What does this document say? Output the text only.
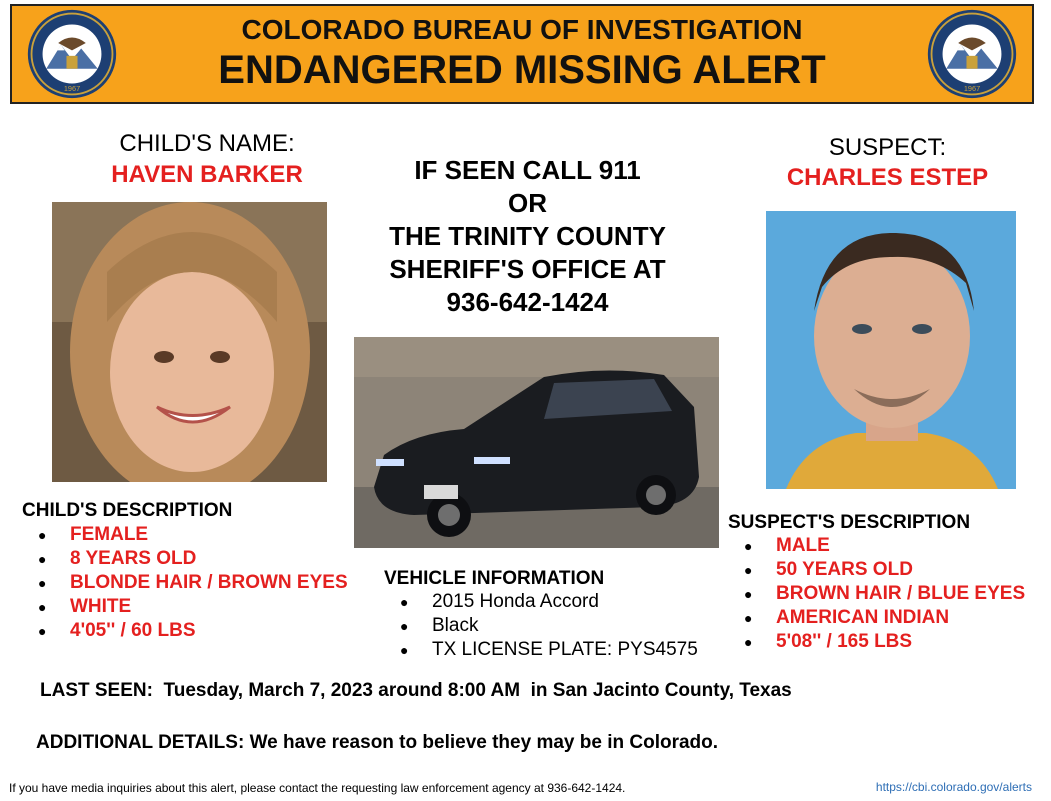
COLORADO BUREAU OF INVESTIGATION
ENDANGERED MISSING ALERT
1967	1967
CHILD'S NAME:
HAVEN BARKER	IF SEEN CALL 911
OR
THE TRINITY COUNTY
SHERIFF'S OFFICE AT
936-642-1424
SUSPECT:
CHARLES ESTEP
CHILD'S DESCRIPTION
● FEMALE
● 8 YEARS OLD
● BLONDE HAIR / BROWN EYES
● WHITE
● 4'05'' / 60 LBS
VEHICLE INFORMATION
● 2015 Honda Accord
● Black
● TX LICENSE PLATE: PYS4575
SUSPECT'S DESCRIPTION
● MALE
● 50 YEARS OLD
● BROWN HAIR / BLUE EYES
● AMERICAN INDIAN
● 5'08'' / 165 LBS
LAST SEEN: Tuesday, March 7, 2023 around 8:00 AM  in San Jacinto County, Texas
ADDITIONAL DETAILS: We have reason to believe they may be in Colorado.
If you have media inquiries about this alert, please contact the requesting law enforcement agency at 936-642-1424.	https://cbi.colorado.gov/alerts
